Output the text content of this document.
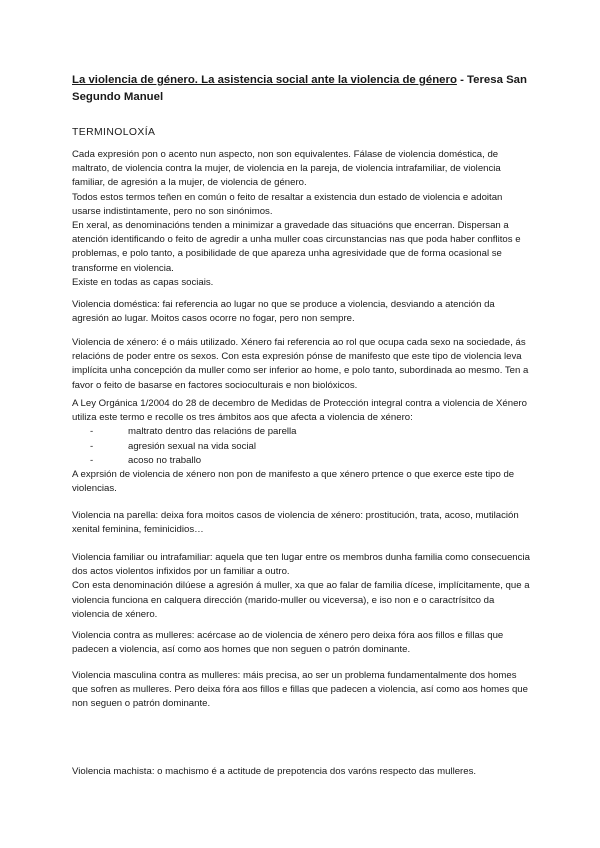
La violencia de género. La asistencia social ante la violencia de género - Teresa San Segundo Manuel
TERMINOLOXÍA

Cada expresión pon o acento nun aspecto, non son equivalentes. Fálase de violencia doméstica, de maltrato, de violencia contra la mujer, de violencia en la pareja, de violencia intrafamiliar, de violencia familiar, de agresión a la mujer, de violencia de género.

Todos estos termos teñen en común o feito de resaltar a existencia dun estado de violencia e adoitan usarse indistintamente, pero no son sinónimos.

En xeral, as denominacións tenden a minimizar a gravedade das situacións que encerran. Dispersan a atención identificando o feito de agredir a unha muller coas circunstancias nas que poda haber conflitos e problemas, e polo tanto, a posibilidade de que apareza unha agresividade que de forma ocasional se transforme en violencia.

Existe en todas as capas sociais.

Violencia doméstica: fai referencia ao lugar no que se produce a violencia, desviando a atención da agresión ao lugar. Moitos casos ocorre no fogar, pero non sempre.

Violencia de xénero: é o máis utilizado. Xénero fai referencia ao rol que ocupa cada sexo na sociedade, ás relacións de poder entre os sexos. Con esta expresión pónse de manifesto que este tipo de violencia leva implícita unha concepción da muller como ser inferior ao home, e polo tanto, subordinada ao mesmo. Ten a favor o feito de basarse en factores socioculturais e non biolóxicos.

A Ley Orgánica 1/2004 do 28 de decembro de Medidas de Protección integral contra a violencia de Xénero utiliza este termo e recolle os tres ámbitos aos que afecta a violencia de xénero:

- maltrato dentro das relacións de parella
- agresión sexual na vida social
- acoso no traballo

A exprsión de violencia de xénero non pon de manifesto a que xénero prtence o que exerce este tipo de violencias.

Violencia na parella: deixa fora moitos casos de violencia de xénero: prostitución, trata, acoso, mutilación xenital feminina, feminicidios…

Violencia familiar ou intrafamiliar: aquela que ten lugar entre os membros dunha familia como consecuencia dos actos violentos infixidos por un familiar a outro.

Con esta denominación dilúese a agresión á muller, xa que ao falar de familia dícese, implícitamente, que a violencia funciona en calquera dirección (marido-muller ou viceversa), e iso non e o caractrísitco da violencia de xénero.

Violencia contra as mulleres: acércase ao de violencia de xénero pero deixa fóra aos fillos e fillas que padecen a violencia, así como aos homes que non seguen o patrón dominante.

Violencia masculina contra as mulleres: máis precisa, ao ser un problema fundamentalmente dos homes que sofren as mulleres. Pero deixa fóra aos fillos e fillas que padecen a violencia, así como aos homes que non seguen o patrón dominante.

Violencia machista: o machismo é a actitude de prepotencia dos varóns respecto das mulleres.
